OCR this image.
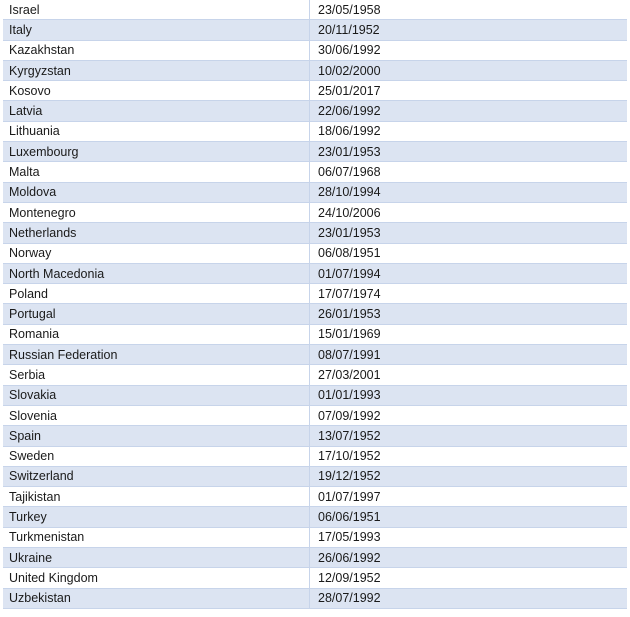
Israel	23/05/1958
Italy	20/11/1952
Kazakhstan	30/06/1992
Kyrgyzstan	10/02/2000
Kosovo	25/01/2017
Latvia	22/06/1992
Lithuania	18/06/1992
Luxembourg	23/01/1953
Malta	06/07/1968
Moldova	28/10/1994
Montenegro	24/10/2006
Netherlands	23/01/1953
Norway	06/08/1951
North Macedonia	01/07/1994
Poland	17/07/1974
Portugal	26/01/1953
Romania	15/01/1969
Russian Federation	08/07/1991
Serbia	27/03/2001
Slovakia	01/01/1993
Slovenia	07/09/1992
Spain	13/07/1952
Sweden	17/10/1952
Switzerland	19/12/1952
Tajikistan	01/07/1997
Turkey	06/06/1951
Turkmenistan	17/05/1993
Ukraine	26/06/1992
United Kingdom	12/09/1952
Uzbekistan	28/07/1992
